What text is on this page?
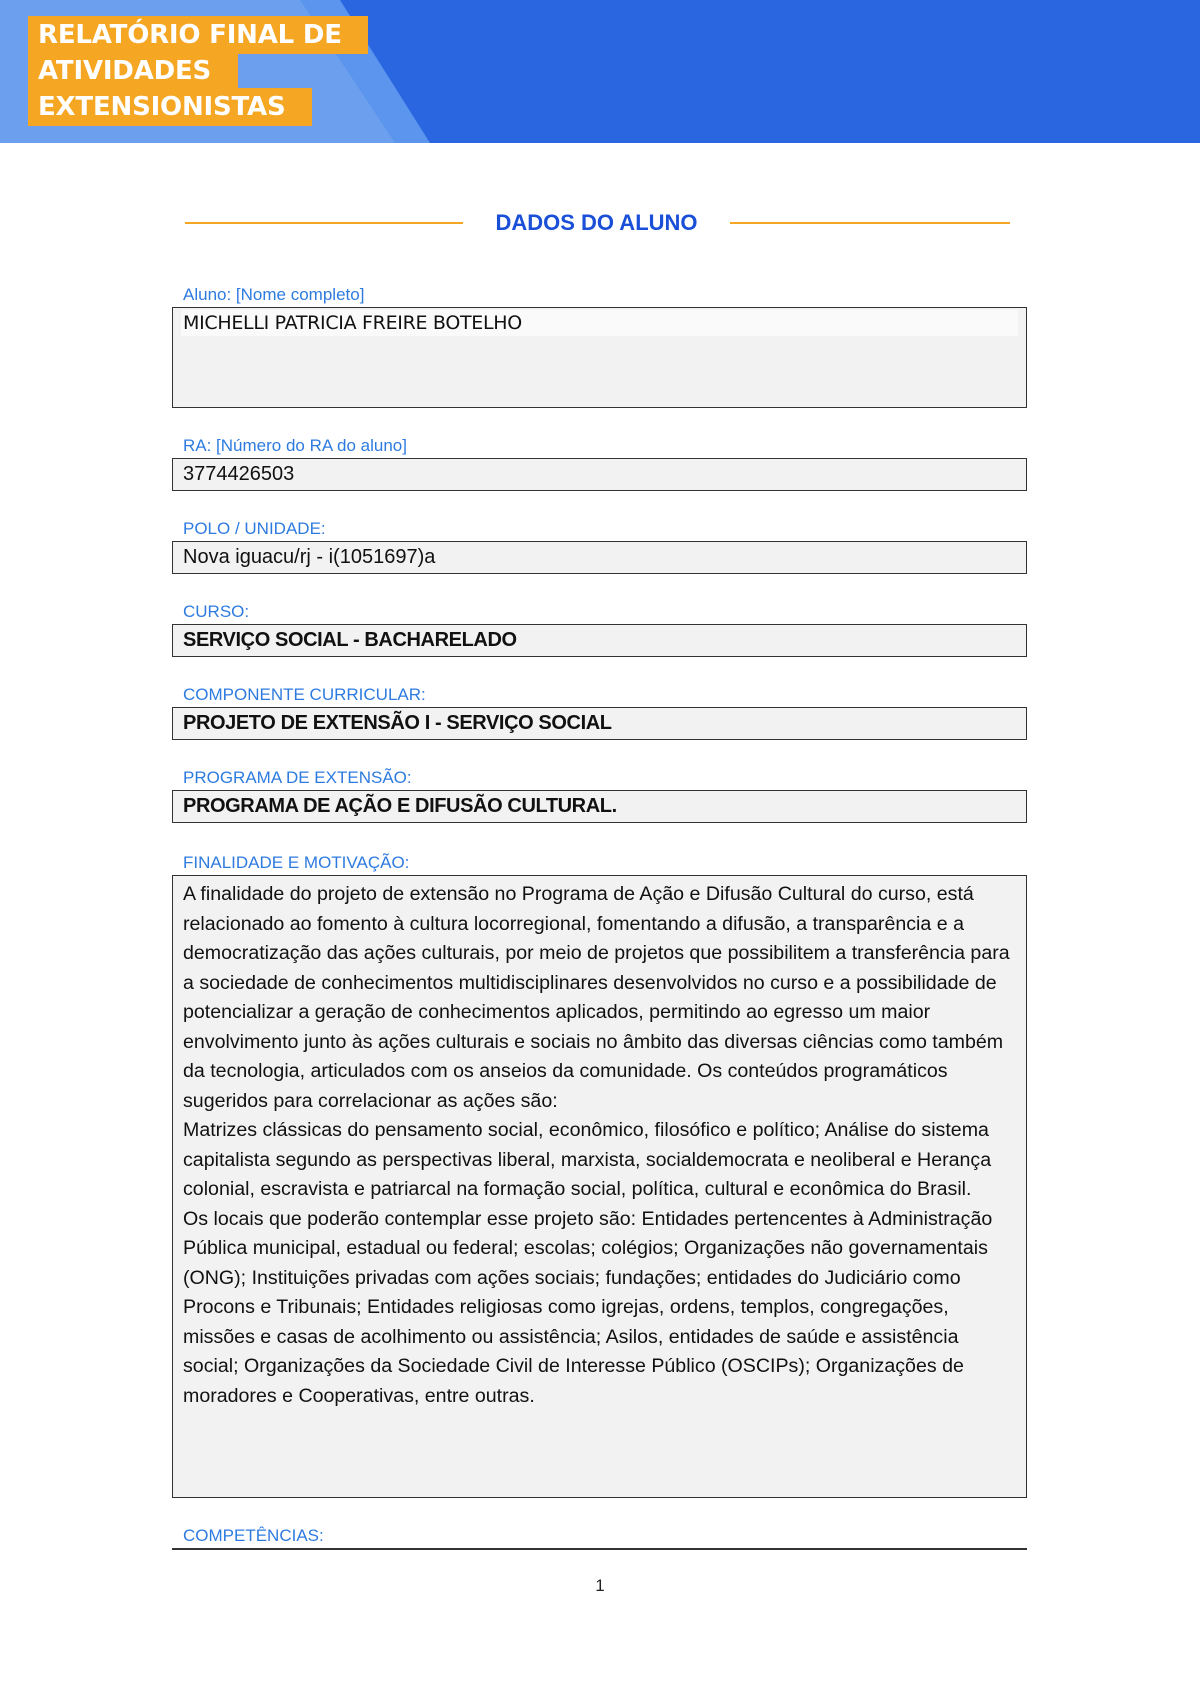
RELATÓRIO FINAL DE
ATIVIDADES
EXTENSIONISTAS
DADOS DO ALUNO
Aluno: [Nome completo]
MICHELLI PATRICIA FREIRE BOTELHO
RA: [Número do RA do aluno]
3774426503
POLO / UNIDADE:
Nova iguacu/rj - i(1051697)a
CURSO:
SERVIÇO SOCIAL - BACHARELADO
COMPONENTE CURRICULAR:
PROJETO DE EXTENSÃO I - SERVIÇO SOCIAL
PROGRAMA DE EXTENSÃO:
PROGRAMA DE AÇÃO E DIFUSÃO CULTURAL.
FINALIDADE E MOTIVAÇÃO:

A finalidade do projeto de extensão no Programa de Ação e Difusão Cultural do curso, está relacionado ao fomento à cultura locorregional, fomentando a difusão, a transparência e a democratização das ações culturais, por meio de projetos que possibilitem a transferência para a sociedade de conhecimentos multidisciplinares desenvolvidos no curso e a possibilidade de potencializar a geração de conhecimentos aplicados, permitindo ao egresso um maior envolvimento junto às ações culturais e sociais no âmbito das diversas ciências como também da tecnologia, articulados com os anseios da comunidade. Os conteúdos programáticos sugeridos para correlacionar as ações são:

Matrizes clássicas do pensamento social, econômico, filosófico e político; Análise do sistema capitalista segundo as perspectivas liberal, marxista, socialdemocrata e neoliberal e Herança colonial, escravista e patriarcal na formação social, política, cultural e econômica do Brasil.

Os locais que poderão contemplar esse projeto são: Entidades pertencentes à Administração Pública municipal, estadual ou federal; escolas; colégios; Organizações não governamentais (ONG); Instituições privadas com ações sociais; fundações; entidades do Judiciário como Procons e Tribunais; Entidades religiosas como igrejas, ordens, templos, congregações, missões e casas de acolhimento ou assistência; Asilos, entidades de saúde e assistência social; Organizações da Sociedade Civil de Interesse Público (OSCIPs); Organizações de moradores e Cooperativas, entre outras.

COMPETÊNCIAS:
1
